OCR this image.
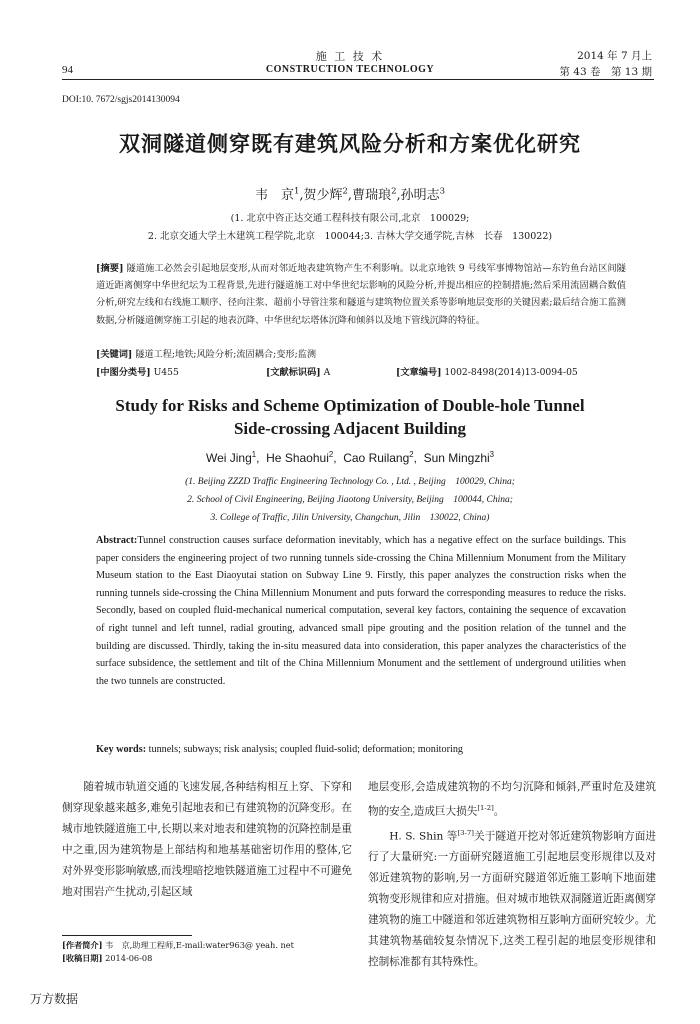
94
施 工 技 术
CONSTRUCTION TECHNOLOGY
2014 年 7 月上
第 43 卷　第 13 期
DOI:10. 7672/sgjs2014130094
双洞隧道侧穿既有建筑风险分析和方案优化研究
韦　京$^1$,贺少辉$^2$,曹瑞琅$^2$,孙明志$^3$
(1. 北京中咨正达交通工程科技有限公司,北京　100029;
2. 北京交通大学土木建筑工程学院,北京　100044;3. 吉林大学交通学院,吉林　长春　130022)
[摘要] 隧道施工必然会引起地层变形,从而对邻近地表建筑物产生不利影响。以北京地铁 9 号线军事博物馆站—东钓鱼台站区间隧道近距离侧穿中华世纪坛为工程背景,先进行隧道施工对中华世纪坛影响的风险分析,并提出相应的控制措施;然后采用流固耦合数值分析,研究左线和右线施工顺序、径向注浆、超前小导管注浆和隧道与建筑物位置关系等影响地层变形的关键因素;最后结合施工监测数据,分析隧道侧穿施工引起的地表沉降、中华世纪坛塔体沉降和倾斜以及地下管线沉降的特征。
[关键词] 隧道工程;地铁;风险分析;流固耦合;变形;监测
[中图分类号] U455	[文献标识码] A	[文章编号] 1002-8498(2014)13-0094-05
Study for Risks and Scheme Optimization of Double-hole Tunnel
Side-crossing Adjacent Building
Wei Jing$^1$,  He Shaohui$^2$,  Cao Ruilang$^2$,  Sun Mingzhi$^3$
(1. Beijing ZZZD Traffic Engineering Technology Co. , Ltd. , Beijing　100029, China;
2. School of Civil Engineering, Beijing Jiaotong University, Beijing　100044, China;
3. College of Traffic, Jilin University, Changchun, Jilin　130022, China)
Abstract:Tunnel construction causes surface deformation inevitably, which has a negative effect on the surface buildings. This paper considers the engineering project of two running tunnels side-crossing the China Millennium Monument from the Military Museum station to the East Diaoyutai station on Subway Line 9. Firstly, this paper analyzes the construction risks when the running tunnels side-crossing the China Millennium Monument and puts forward the corresponding measures to reduce the risks. Secondly, based on coupled fluid-mechanical numerical computation, several key factors, containing the sequence of excavation of right tunnel and left tunnel, radial grouting, advanced small pipe grouting and the position relation of the tunnel and the building are discussed. Thirdly, taking the in-situ measured data into consideration, this paper analyzes the characteristics of the surface subsidence, the settlement and tilt of the China Millennium Monument and the settlement of underground utilities when the two tunnels are constructed.
Key words: tunnels; subways; risk analysis; coupled fluid-solid; deformation; monitoring

随着城市轨道交通的飞速发展,各种结构相互上穿、下穿和侧穿现象越来越多,难免引起地表和已有建筑物的沉降变形。在城市地铁隧道施工中,长期以来对地表和建筑物的沉降控制是重中之重,因为建筑物是上部结构和地基基础密切作用的整体,它对外界变形影响敏感,而浅埋暗挖地铁隧道施工过程中不可避免地对围岩产生扰动,引起区域

地层变形,会造成建筑物的不均匀沉降和倾斜,严重时危及建筑物的安全,造成巨大损失[1-2]。

H. S. Shin 等[3-7]关于隧道开挖对邻近建筑物影响方面进行了大量研究:一方面研究隧道施工引起地层变形规律以及对邻近建筑物的影响,另一方面研究隧道邻近施工影响下地面建筑物变形规律和应对措施。但对城市地铁双洞隧道近距离侧穿建筑物的施工中隧道和邻近建筑物相互影响方面研究较少。尤其建筑物基础较复杂情况下,这类工程引起的地层变形规律和控制标准都有其特殊性。

[作者简介] 韦　京,助理工程师,E-mail:water963@ yeah. net
[收稿日期] 2014-06-08
万方数据
